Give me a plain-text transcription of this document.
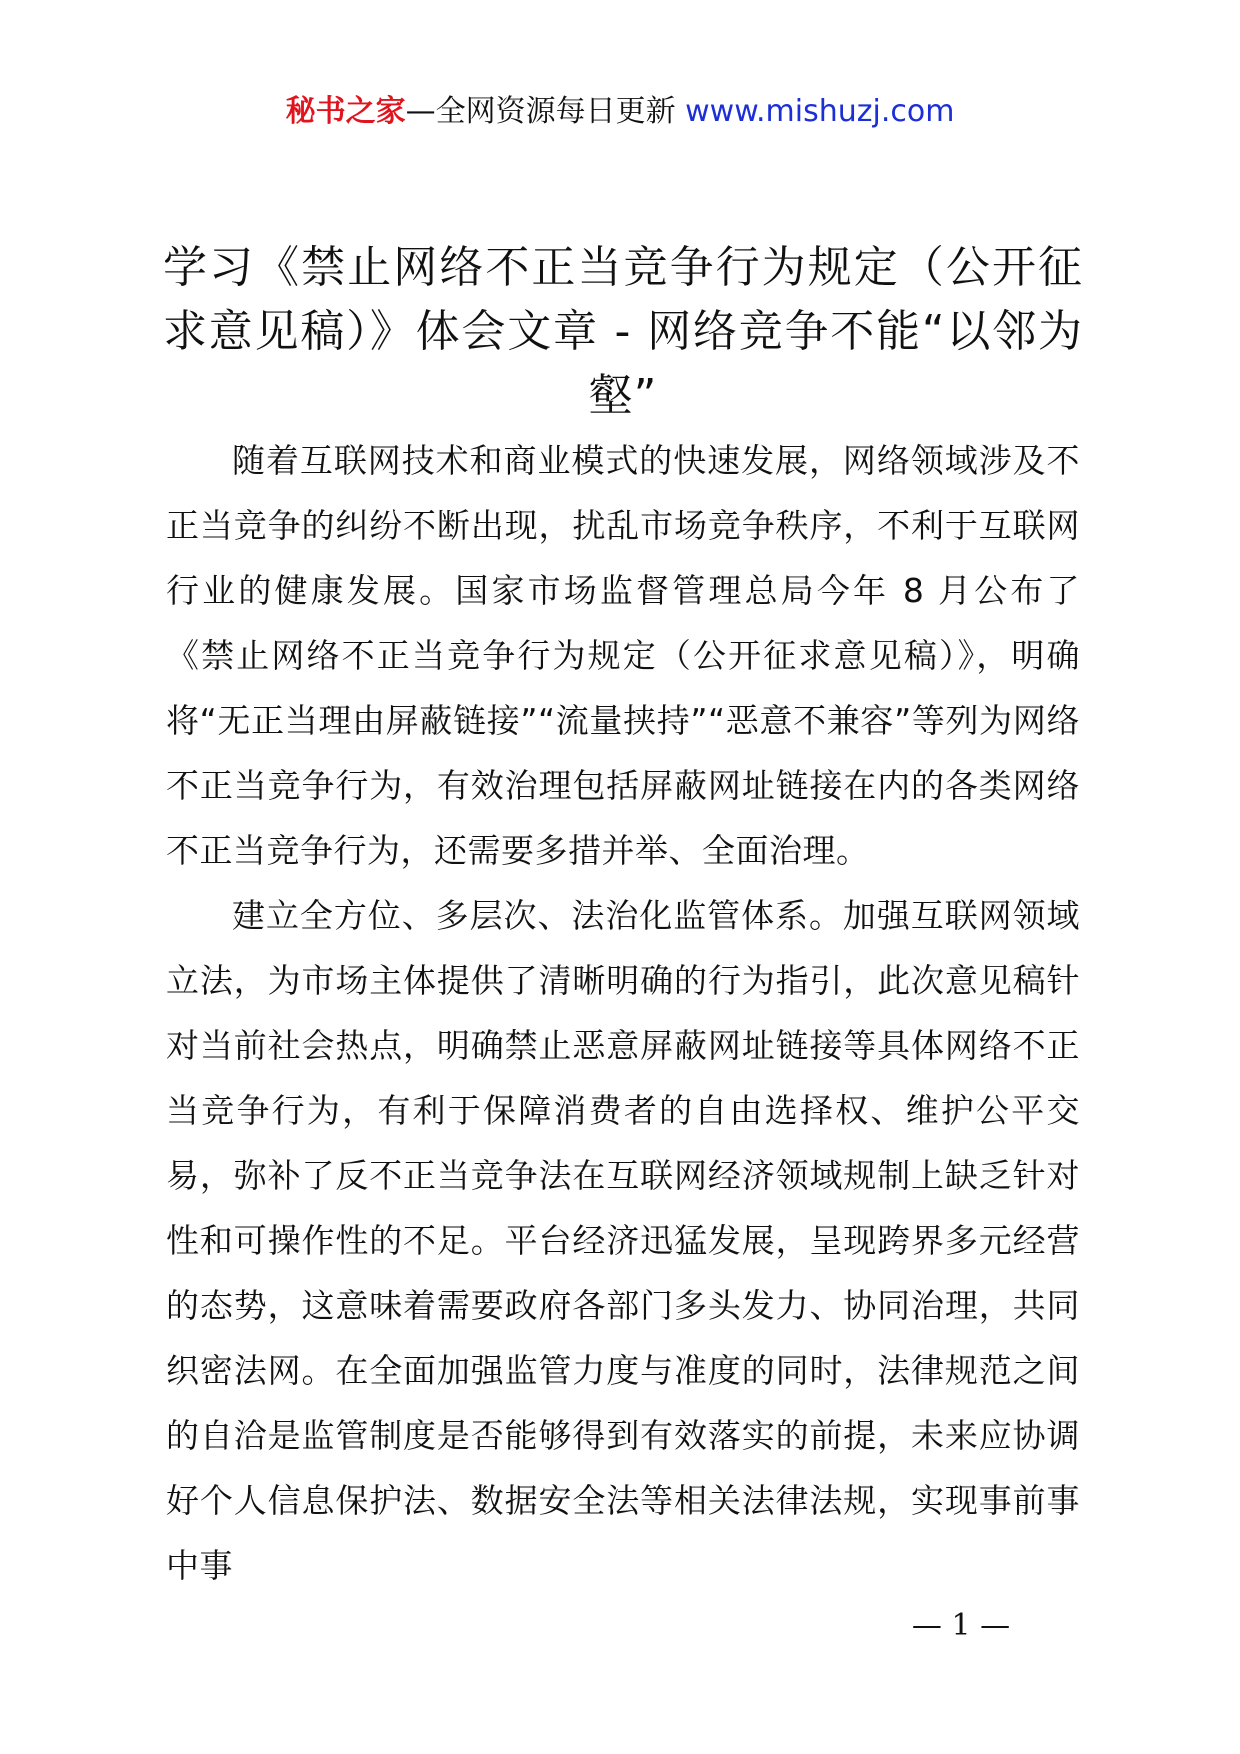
秘书之家—全网资源每日更新 www.mishuzj.com
学习《禁止网络不正当竞争行为规定（公开征求意见稿）》体会文章 - 网络竞争不能“以邻为壑”

随着互联网技术和商业模式的快速发展，网络领域涉及不正当竞争的纠纷不断出现，扰乱市场竞争秩序，不利于互联网行业的健康发展。国家市场监督管理总局今年 8 月公布了《禁止网络不正当竞争行为规定（公开征求意见稿）》，明确将“无正当理由屏蔽链接”“流量挟持”“恶意不兼容”等列为网络不正当竞争行为，有效治理包括屏蔽网址链接在内的各类网络不正当竞争行为，还需要多措并举、全面治理。

建立全方位、多层次、法治化监管体系。加强互联网领域立法，为市场主体提供了清晰明确的行为指引，此次意见稿针对当前社会热点，明确禁止恶意屏蔽网址链接等具体网络不正当竞争行为，有利于保障消费者的自由选择权、维护公平交易，弥补了反不正当竞争法在互联网经济领域规制上缺乏针对性和可操作性的不足。平台经济迅猛发展，呈现跨界多元经营的态势，这意味着需要政府各部门多头发力、协同治理，共同织密法网。在全面加强监管力度与准度的同时，法律规范之间的自洽是监管制度是否能够得到有效落实的前提，未来应协调好个人信息保护法、数据安全法等相关法律法规，实现事前事中事

— 1 —
